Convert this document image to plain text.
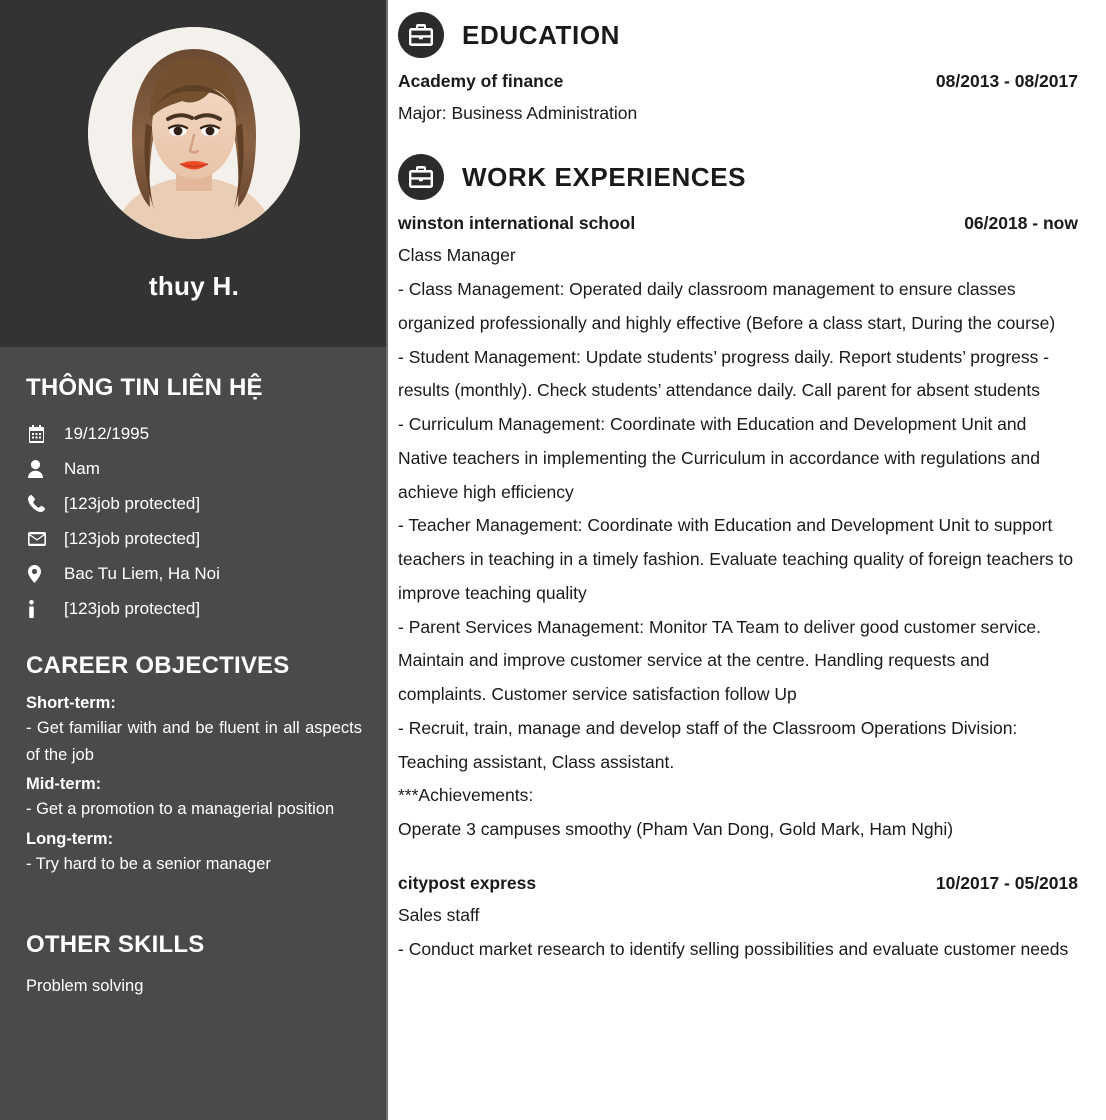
thuy H.
THÔNG TIN LIÊN HỆ
19/12/1995
Nam
[123job protected]
[123job protected]
Bac Tu Liem, Ha Noi
[123job protected]
CAREER OBJECTIVES
Short-term:
- Get familiar with and be fluent in all aspects of the job
Mid-term:
- Get a promotion to a managerial position
Long-term:
- Try hard to be a senior manager
OTHER SKILLS
Problem solving
EDUCATION
Academy of finance	08/2013 - 08/2017
Major: Business Administration
WORK EXPERIENCES
winston international school	06/2018 - now
Class Manager
- Class Management: Operated daily classroom management to ensure classes organized professionally and highly effective (Before a class start, During the course)
- Student Management: Update students’ progress daily. Report students’ progress - results (monthly). Check students’ attendance daily. Call parent for absent students
- Curriculum Management: Coordinate with Education and Development Unit and Native teachers in implementing the Curriculum in accordance with regulations and achieve high efficiency
- Teacher Management: Coordinate with Education and Development Unit to support teachers in teaching in a timely fashion. Evaluate teaching quality of foreign teachers to improve teaching quality
- Parent Services Management: Monitor TA Team to deliver good customer service. Maintain and improve customer service at the centre. Handling requests and complaints. Customer service satisfaction follow Up
- Recruit, train, manage and develop staff of the Classroom Operations Division: Teaching assistant, Class assistant.
***Achievements:
Operate 3 campuses smoothy (Pham Van Dong, Gold Mark, Ham Nghi)
citypost express	10/2017 - 05/2018
Sales staff
- Conduct market research to identify selling possibilities and evaluate customer needs
